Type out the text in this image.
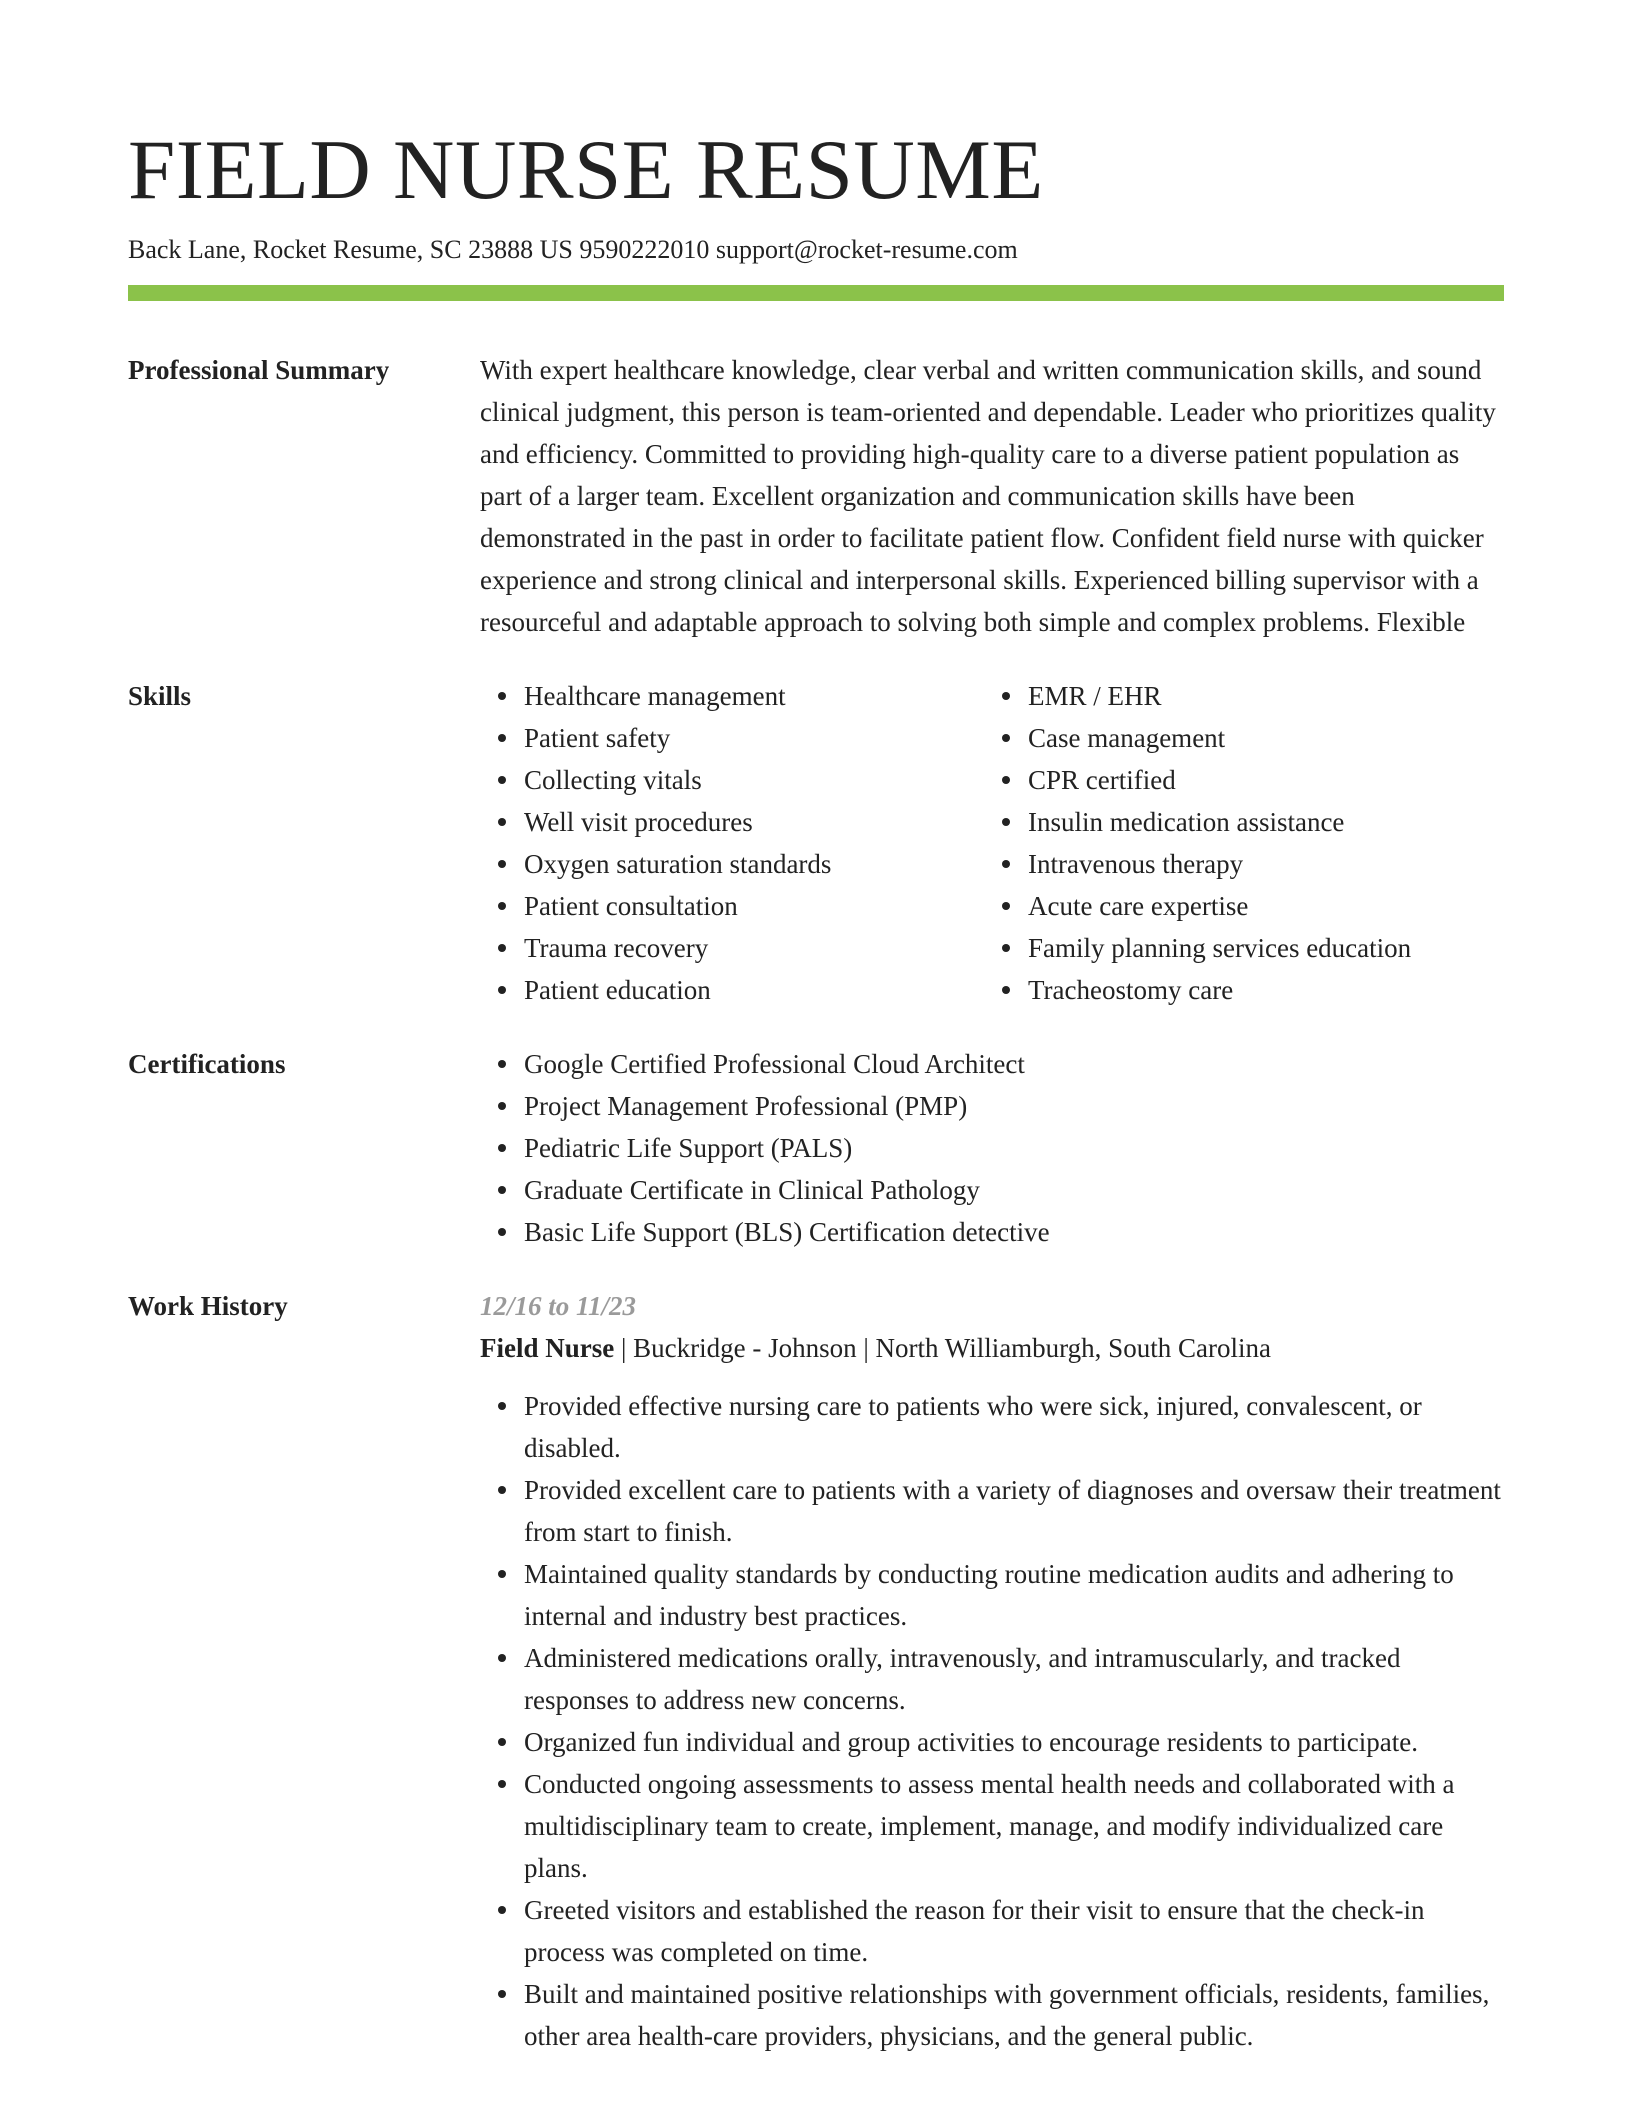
FIELD NURSE RESUME
Back Lane, Rocket Resume, SC 23888 US 9590222010 support@rocket-resume.com
Professional Summary	With expert healthcare knowledge, clear verbal and written communication skills, and sound clinical judgment, this person is team-oriented and dependable. Leader who prioritizes quality and efficiency. Committed to providing high-quality care to a diverse patient population as part of a larger team. Excellent organization and communication skills have been demonstrated in the past in order to facilitate patient flow. Confident field nurse with quicker experience and strong clinical and interpersonal skills. Experienced billing supervisor with a resourceful and adaptable approach to solving both simple and complex problems. Flexible

Skills	Healthcare management
Patient safety
Collecting vitals
Well visit procedures
Oxygen saturation standards
Patient consultation
Trauma recovery
Patient education
EMR / EHR
Case management
CPR certified
Insulin medication assistance
Intravenous therapy
Acute care expertise
Family planning services education
Tracheostomy care
Certifications	Google Certified Professional Cloud Architect
Project Management Professional (PMP)
Pediatric Life Support (PALS)
Graduate Certificate in Clinical Pathology
Basic Life Support (BLS) Certification detective
Work History	12/16 to 11/23
Field Nurse | Buckridge - Johnson | North Williamburgh, South Carolina
Provided effective nursing care to patients who were sick, injured, convalescent, or disabled.
Provided excellent care to patients with a variety of diagnoses and oversaw their treatment from start to finish.
Maintained quality standards by conducting routine medication audits and adhering to internal and industry best practices.
Administered medications orally, intravenously, and intramuscularly, and tracked responses to address new concerns.
Organized fun individual and group activities to encourage residents to participate.
Conducted ongoing assessments to assess mental health needs and collaborated with a multidisciplinary team to create, implement, manage, and modify individualized care plans.
Greeted visitors and established the reason for their visit to ensure that the check-in process was completed on time.
Built and maintained positive relationships with government officials, residents, families, other area health-care providers, physicians, and the general public.
